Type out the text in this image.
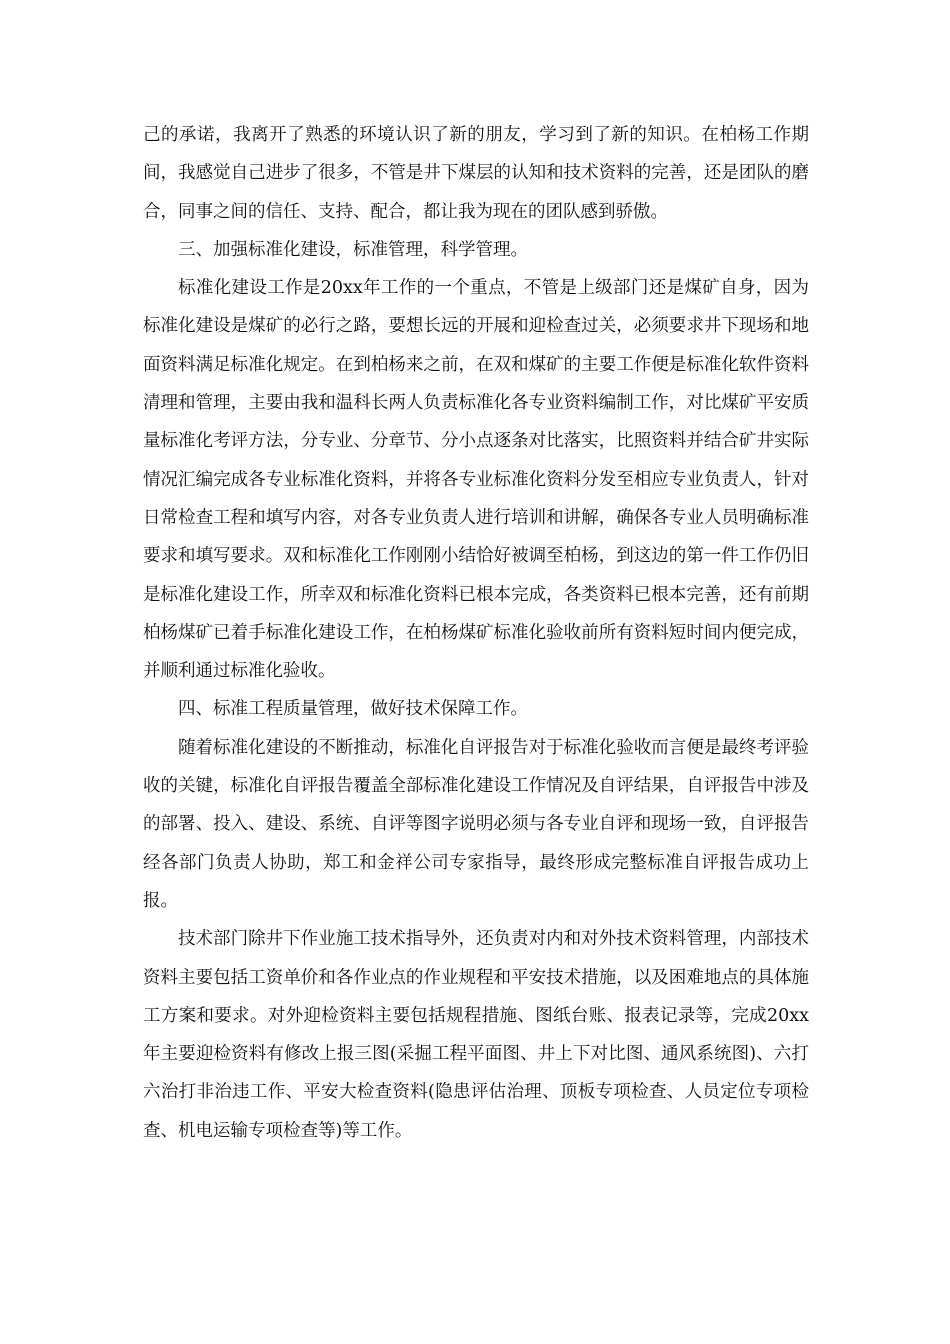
己的承诺，我离开了熟悉的环境认识了新的朋友，学习到了新的知识。在柏杨工作期间，我感觉自己进步了很多，不管是井下煤层的认知和技术资料的完善，还是团队的磨合，同事之间的信任、支持、配合，都让我为现在的团队感到骄傲。

三、加强标准化建设，标准管理，科学管理。

标准化建设工作是20xx年工作的一个重点，不管是上级部门还是煤矿自身，因为标准化建设是煤矿的必行之路，要想长远的开展和迎检查过关，必须要求井下现场和地面资料满足标准化规定。在到柏杨来之前，在双和煤矿的主要工作便是标准化软件资料清理和管理，主要由我和温科长两人负责标准化各专业资料编制工作，对比煤矿平安质量标准化考评方法，分专业、分章节、分小点逐条对比落实，比照资料并结合矿井实际情况汇编完成各专业标准化资料，并将各专业标准化资料分发至相应专业负责人，针对日常检查工程和填写内容，对各专业负责人进行培训和讲解，确保各专业人员明确标准要求和填写要求。双和标准化工作刚刚小结恰好被调至柏杨，到这边的第一件工作仍旧是标准化建设工作，所幸双和标准化资料已根本完成，各类资料已根本完善，还有前期柏杨煤矿已着手标准化建设工作，在柏杨煤矿标准化验收前所有资料短时间内便完成，并顺利通过标准化验收。

四、标准工程质量管理，做好技术保障工作。

随着标准化建设的不断推动，标准化自评报告对于标准化验收而言便是最终考评验收的关键，标准化自评报告覆盖全部标准化建设工作情况及自评结果，自评报告中涉及的部署、投入、建设、系统、自评等图字说明必须与各专业自评和现场一致，自评报告经各部门负责人协助，郑工和金祥公司专家指导，最终形成完整标准自评报告成功上报。

技术部门除井下作业施工技术指导外，还负责对内和对外技术资料管理，内部技术资料主要包括工资单价和各作业点的作业规程和平安技术措施，以及困难地点的具体施工方案和要求。对外迎检资料主要包括规程措施、图纸台账、报表记录等，完成20xx年主要迎检资料有修改上报三图(采掘工程平面图、井上下对比图、通风系统图)、六打六治打非治违工作、平安大检查资料(隐患评估治理、顶板专项检查、人员定位专项检查、机电运输专项检查等)等工作。
